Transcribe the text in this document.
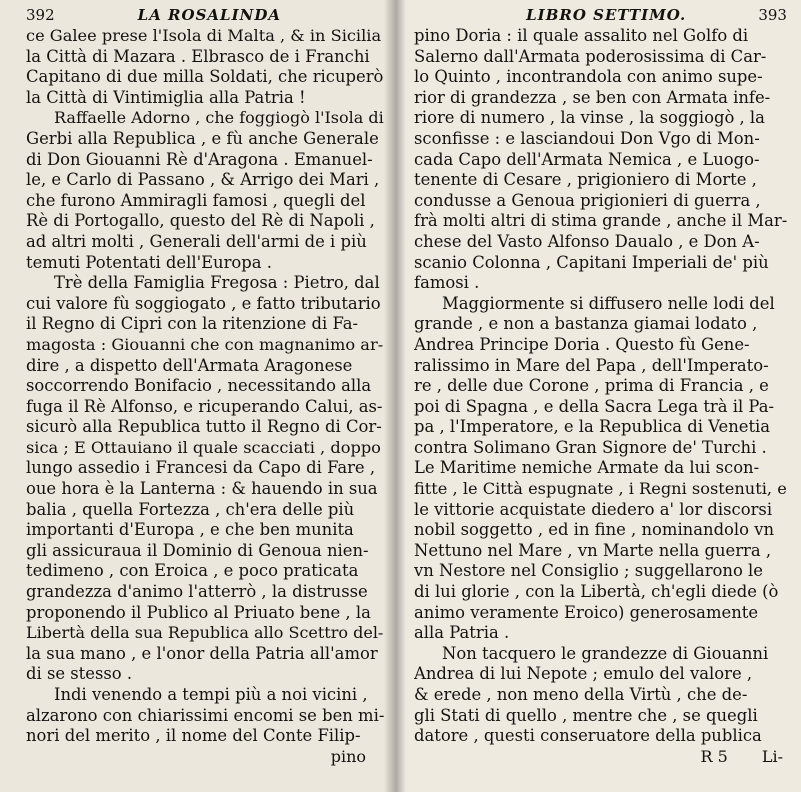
392	LA ROSALINDA
ce Galee prese l'Isola di Malta , & in Sicilia
la Città di Mazara . Elbrasco de i Franchi
Capitano di due milla Soldati, che ricuperò
la Città di Vintimiglia alla Patria !
Raffaelle Adorno , che foggiogò l'Isola di
Gerbi alla Republica , e fù anche Generale
di Don Giouanni Rè d'Aragona . Emanuel-
le, e Carlo di Passano , & Arrigo dei Mari ,
che furono Ammiragli famosi , quegli del
Rè di Portogallo, questo del Rè di Napoli ,
ad altri molti , Generali dell'armi de i più
temuti Potentati dell'Europa .
Trè della Famiglia Fregosa : Pietro, dal
cui valore fù soggiogato , e fatto tributario
il Regno di Cipri con la ritenzione di Fa-
magosta : Giouanni che con magnanimo ar-
dire , a dispetto dell'Armata Aragonese
soccorrendo Bonifacio , necessitando alla
fuga il Rè Alfonso, e ricuperando Calui, as-
sicurò alla Republica tutto il Regno di Cor-
sica ; E Ottauiano il quale scacciati , doppo
lungo assedio i Francesi da Capo di Fare ,
oue hora è la Lanterna : & hauendo in sua
balia , quella Fortezza , ch'era delle più
importanti d'Europa , e che ben munita
gli assicuraua il Dominio di Genoua nien-
tedimeno , con Eroica , e poco praticata
grandezza d'animo l'atterrò , la distrusse
proponendo il Publico al Priuato bene , la
Libertà della sua Republica allo Scettro del-
la sua mano , e l'onor della Patria all'amor
di se stesso .
Indi venendo a tempi più a noi vicini ,
alzarono con chiarissimi encomi se ben mi-
nori del merito , il nome del Conte Filip-
pino
LIBRO SETTIMO.	393
pino Doria : il quale assalito nel Golfo di
Salerno dall'Armata poderosissima di Car-
lo Quinto , incontrandola con animo supe-
rior di grandezza , se ben con Armata infe-
riore di numero , la vinse , la soggiogò , la
sconfisse : e lasciandoui Don Vgo di Mon-
cada Capo dell'Armata Nemica , e Luogo-
tenente di Cesare , prigioniero di Morte ,
condusse a Genoua prigionieri di guerra ,
frà molti altri di stima grande , anche il Mar-
chese del Vasto Alfonso Daualo , e Don A-
scanio Colonna , Capitani Imperiali de' più
famosi .
Maggiormente si diffusero nelle lodi del
grande , e non a bastanza giamai lodato ,
Andrea Principe Doria . Questo fù Gene-
ralissimo in Mare del Papa , dell'Imperato-
re , delle due Corone , prima di Francia , e
poi di Spagna , e della Sacra Lega trà il Pa-
pa , l'Imperatore, e la Republica di Venetia
contra Solimano Gran Signore de' Turchi .
Le Maritime nemiche Armate da lui scon-
fitte , le Città espugnate , i Regni sostenuti, e
le vittorie acquistate diedero a' lor discorsi
nobil soggetto , ed in fine , nominandolo vn
Nettuno nel Mare , vn Marte nella guerra ,
vn Nestore nel Consiglio ; suggellarono le
di lui glorie , con la Libertà, ch'egli diede (ò
animo veramente Eroico) generosamente
alla Patria .
Non tacquero le grandezze di Giouanni
Andrea di lui Nepote ; emulo del valore ,
& erede , non meno della Virtù , che de-
gli Stati di quello , mentre che , se quegli
datore , questi conseruatore della publica
R 5 Li-
